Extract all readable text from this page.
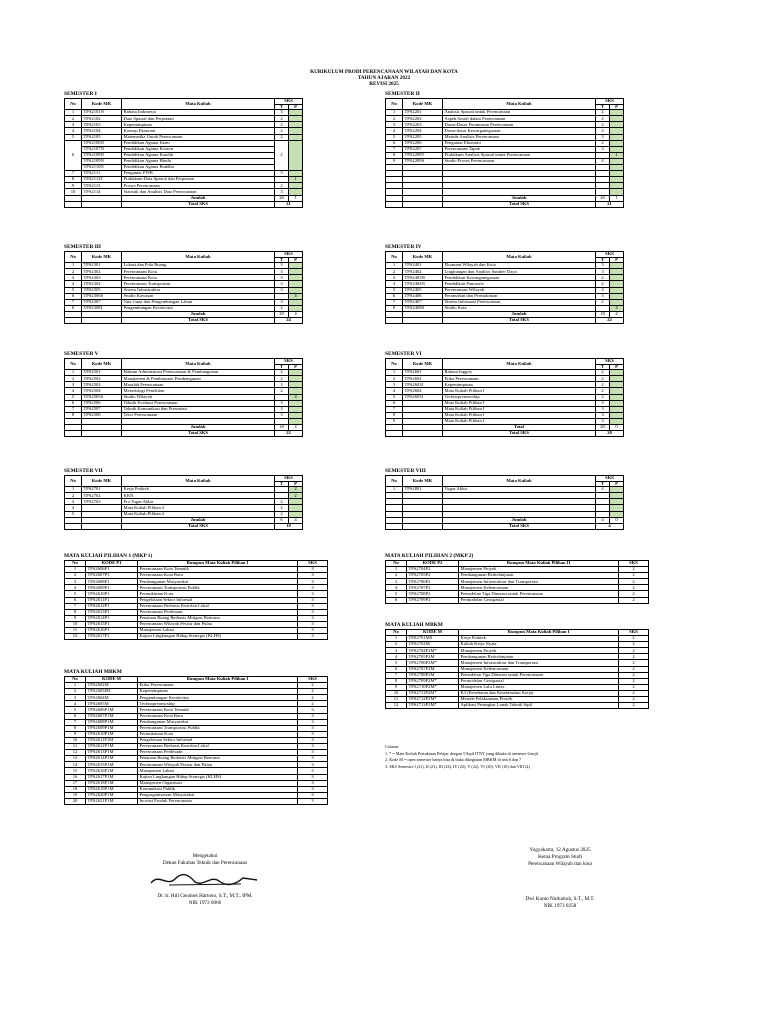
KURIKULUM PRODI PERENCANAAN WILAYAH DAN KOTA
TAHUN AJARAN 2022
REVISI 2025
SEMESTER I
No	Kode MK	Mata Kuliah	SKS	
			T	P
1	TPS2101N	Bahasa Indonesia	3	
2	TPS2102	Data Spasial dan Perpetaan	2	
3	TPS2103	Kepemimpinan	2	
4	TPS2104	Konsep Ekonomi	2	
5	TPS2105	Matematika Untuk Perencanaan	2	
6	TPS2106N	Pendidikan Agama Islam	2	
	TPS2107N	Pendidikan Agama Kristen		
	TPS2108N	Pendidikan Agama Katolik		
	TPS2109N	Pendidikan Agama Hindu		
	TPS2110N	Pendidikan Agama Buddha		
7	TPS2111	Pengantar PWK	3	
8	TPS2112T	Praktikum Data Spasial dan Perpetaan		1
9	TPS2113	Proses Perencanaan	2	
10	TPS2114	Statistik dan Analisis Data Perencanaan	3	
		Jumlah	20	1
		Total SKS	21	
SEMESTER II
No	Kode MK	Mata Kuliah	SKS	
			T	P
1	TPS2201	Analisis Spasial untuk Perencanaan	2	
2	TPS2202	Aspek Sosial dalam Perencanaan	2	
3	TPS2203	Dasar-Dasar Perumusan Perencanaan	2	
4	TPS2204	Dasar-dasar Kewarganegaraan	2	
5	TPS2205	Metode Analisis Perencanaan	3	
6	TPS2206	Pengantar Ekonomi	2	
7	TPS2207	Perencanaan Tapak	3	
8	TPS2208T	Praktikum Analisis Spasial untuk Perencanaan		1
9	TPS2209S	Studio Proses Perencanaan	4	

		Jumlah	20	1
		Total SKS	21	
SEMESTER III
No	Kode MK	Mata Kuliah	SKS	
			T	P
1	TPS2301	Lokasi dan Pola Ruang	3	
2	TPS2302	Perencanaan Kota	3	
3	TPS2303	Perencanaan Kota	3	
4	TPS2304	Perencanaan Transportasi	3	
5	TPS2305	Sistem Infrastruktur	3	
6	TPS2306S	Studio Kawasan		4
7	TPS2307	Tata Guna dan Pengembangan Lahan	3	
8	TPS2308I	Pengembangan Kreativitas	2	
		Jumlah	20	4
		Total SKS	24	
SEMESTER IV
No	Kode MK	Mata Kuliah	SKS	
			T	P
1	TPS2401	Ekonomi Wilayah dan Kota	3	
2	TPS2402	Lingkungan dan Analisis Sumber Daya	3	
3	TPS2403N	Pendidikan Kewarganegaraan	2	
4	TPS2404N	Pendidikan Pancasila	2	
5	TPS2405	Perencanaan Wilayah	3	
6	TPS2406	Perumahan dan Permukiman	3	
7	TPS2407	Sistem Informasi Perencanaan	2	
8	TPS2408S	Studio Kota		4
		Jumlah	18	4
		Total SKS	22	
SEMESTER V
No	Kode MK	Mata Kuliah	SKS	
			T	P
1	TPS2501	Hukum Administrasi Perencanaan & Pembangunan	2	
2	TPS2502	Manajemen & Pembiayaan Pembangunan	2	
3	TPS2503	Masalah Perencanaan	3	
4	TPS2504	Metodologi Penelitian	2	
5	TPS2505S	Studio Wilayah		4
6	TPS2506	Teknik Evaluasi Perencanaan	3	
7	TPS2507	Teknik Komunikasi dan Presentasi	3	
8	TPS2508	Teori Perencanaan	3	

		Jumlah	18	4
		Total SKS	22	
SEMESTER VI
No	Kode MK	Mata Kuliah	SKS	
			T	P
1	TPS2601	Bahasa Inggris	2	
2	TPS2602	Etika Perencanaan	2	
3	TPS2603I	Kepemimpinan	2	
4	TPS2604	Mata Kuliah Pilihan I	2	
5	TPS2605I	Technopreneurship	2	
6		Mata Kuliah Pilihan I	3	
7		Mata Kuliah Pilihan I	3	
8		Mata Kuliah Pilihan I	3	
9		Mata Kuliah Pilihan I	3	
		Total	20	0
		Total SKS	20	
SEMESTER VII
No	Kode MK	Mata Kuliah	SKS	
			T	P
1	TPS2701	Kerja Praktek		2
2	TPS2702	KKN		2
3	TPS2703	Pra Tugas Akhir	2	
4		Mata Kuliah Pilihan 2	2	
5		Mata Kuliah Pilihan 2	2	
		Jumlah	6	4
		Total SKS	10	
SEMESTER VIII
No	Kode MK	Mata Kuliah	SKS	
			T	P
1	TPS2801	Tugas Akhir	4	

		Jumlah	4	0
		Total SKS	4	
MATA KULIAH PILIHAN 1 (MKP 1)
No	KODE P1	Rumpun Mata Kuliah Pilihan I	SKS
1	TPS2606P1	Perencanaan Kota Tematik	3
2	TPS2607P1	Perencanaan Kota Baru	3
3	TPS2608P1	Pembangunan Masyarakat	3
4	TPS2609P1	Perencanaan Transportasi Publik	3
5	TPS2610P1	Permukiman Kota	3
6	TPS2611P1	Pengelolaan Sektor Informal	3
7	TPS2612P1	Perencanaan Berbasis Kearifan Lokal	3
8	TPS2613P1	Perencanaan Perdesaan	3
9	TPS2614P1	Penataan Ruang Berbasis Mitigasi Bencana	3
10	TPS2615P1	Perencanaan Wilayah Pesisir dan Pulau	3
11	TPS2616P1	Manajemen Lahan	3
12	TPS2617P1	Kajian Lingkungan Hidup Strategis (KLHS)	3
MATA KULIAH PILIHAN 2 (MKP 2)
No	KODE P2	Rumpun Mata Kuliah Pilihan II	SKS
1	TPS2704P2	Manajemen Proyek	2
2	TPS2705P2	Pembangunan Berkelanjutan	2
3	TPS2706P2	Manajemen Infrastruktur dan Transportasi	2
4	TPS2707P2	Manajemen Kebencanaan	2
5	TPS2708P2	Pemodelan Tiga Dimensi untuk Perencanaan	2
6	TPS2709P2	Permodelan Geospasial	2
MATA KULIAH MBKM
No	KODE M	Rumpun Mata Kuliah Pilihan I	SKS
1	TPS2701M8	Kerja Praktek	2
2	TPS2702M	Kuliah Kerja Nyata	2
3	TPS2704P2M*	Manajemen Proyek	2
4	TPS2705P2M	Pembangunan Berkelanjutan	2
5	TPS2706P2M*	Manajemen Infrastruktur dan Transportasi	2
6	TPS2707P2M	Manajemen Kebencanaan	2
7	TPS2708P2M	Pemodelan Tiga Dimensi untuk Perencanaan	2
8	TPS2709P2M*	Permodelan Geospasial	2
9	TPS2710P2M*	Manajemen Lalu Lintas	2
10	TPS2711P2M*	K3 (Kesehatan dan Keselamatan Kerja)	2
11	TPS2712P2M*	Metode Pelaksanaan Proyek	2
12	TPS2713P2M*	Aplikasi Perangkat Lunak Teknik Sipil	2
MATA KULIAH MBKM
No	KODE M	Rumpun Mata Kuliah Pilihan I	SKS
1	TPS2602M	Etika Perencanaan	2
2	TPS2603IM	Kepemimpinan	2
3	TPS2604M	Pengembangan Kreativitas	2
4	TPS2605M	Technopreneurship	2
5	TPS2606P1M	Perencanaan Kota Tematik	3
6	TPS2607P1M	Perencanaan Kota Baru	3
7	TPS2608P1M	Pembangunan Masyarakat	3
8	TPS2609P1M	Perencanaan Transportasi Publik	3
9	TPS2610P1M	Permukiman Kota	3
10	TPS2611P1M	Pengelolaan Sektor Informal	3
11	TPS2612P1M	Perencanaan Berbasis Kearifan Lokal	3
12	TPS2613P1M	Perencanaan Perdesaan	3
13	TPS2614P1M	Penataan Ruang Berbasis Mitigasi Bencana	3
14	TPS2615P1M	Perencanaan Wilayah Pesisir dan Pulau	3
15	TPS2616P1M	Manajemen Lahan	3
16	TPS2617P1M	Kajian Lingkungan Hidup Strategis (KLHS)	3
17	TPS2618P1M	Manajemen Organisasi	3
18	TPS2619P1M	Komunikasi Publik	3
19	TPS2620P1M	Pengorganisasian Masyarakat	3
20	TPS2621P1M	Inovasi Produk Perencanaan	3
Catatan:
1. * = Mata Kuliah Pertukaran Pelajar dengan T.Sipil ITNY yang dibuka di semester Ganjil
2. Kode M = open semester hanya bisa di buka dikegiatan MBKM di smt 6 dan 7
3. SKS Semester I (21), II (21), III (24), IV (22), V (22), VI (20), VII (10) dan VIII (4)
Mengetahui
Dekan Fakultas Teknik dan Perencanaan
Dr. Ir. Hill Gendoet Hartono, S.T., M.T., IPM.
NIK 1973 0066
Yogyakarta, 12 Agustus 2025
Ketua Program Studi
Perencanaan Wilayah dan kota
Dwi Kunto Nurkukuh, S.T., M.T.
NIK 1973 0258
